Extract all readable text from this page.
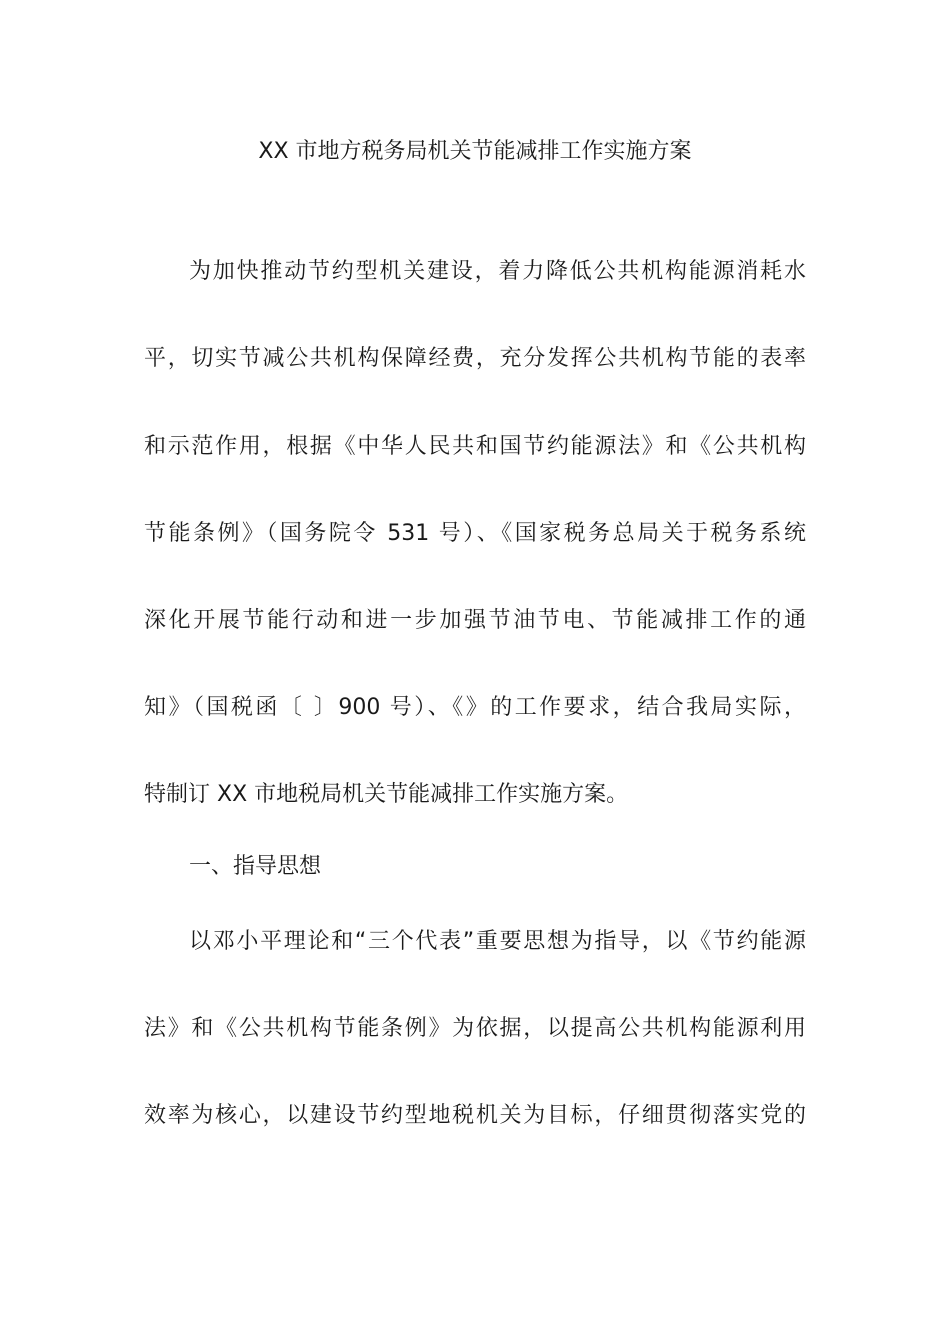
XX 市地方税务局机关节能减排工作实施方案
为加快推动节约型机关建设，着力降低公共机构能源消耗水
平，切实节减公共机构保障经费，充分发挥公共机构节能的表率
和示范作用，根据《中华人民共和国节约能源法》和《公共机构
节能条例》（国务院令 531 号）、《国家税务总局关于税务系统
深化开展节能行动和进一步加强节油节电、节能减排工作的通
知》（国税函〔 〕900 号）、《》的工作要求，结合我局实际，
特制订 XX 市地税局机关节能减排工作实施方案。
一、指导思想
以邓小平理论和“三个代表”重要思想为指导，以《节约能源
法》和《公共机构节能条例》为依据，以提高公共机构能源利用
效率为核心，以建设节约型地税机关为目标，仔细贯彻落实党的
